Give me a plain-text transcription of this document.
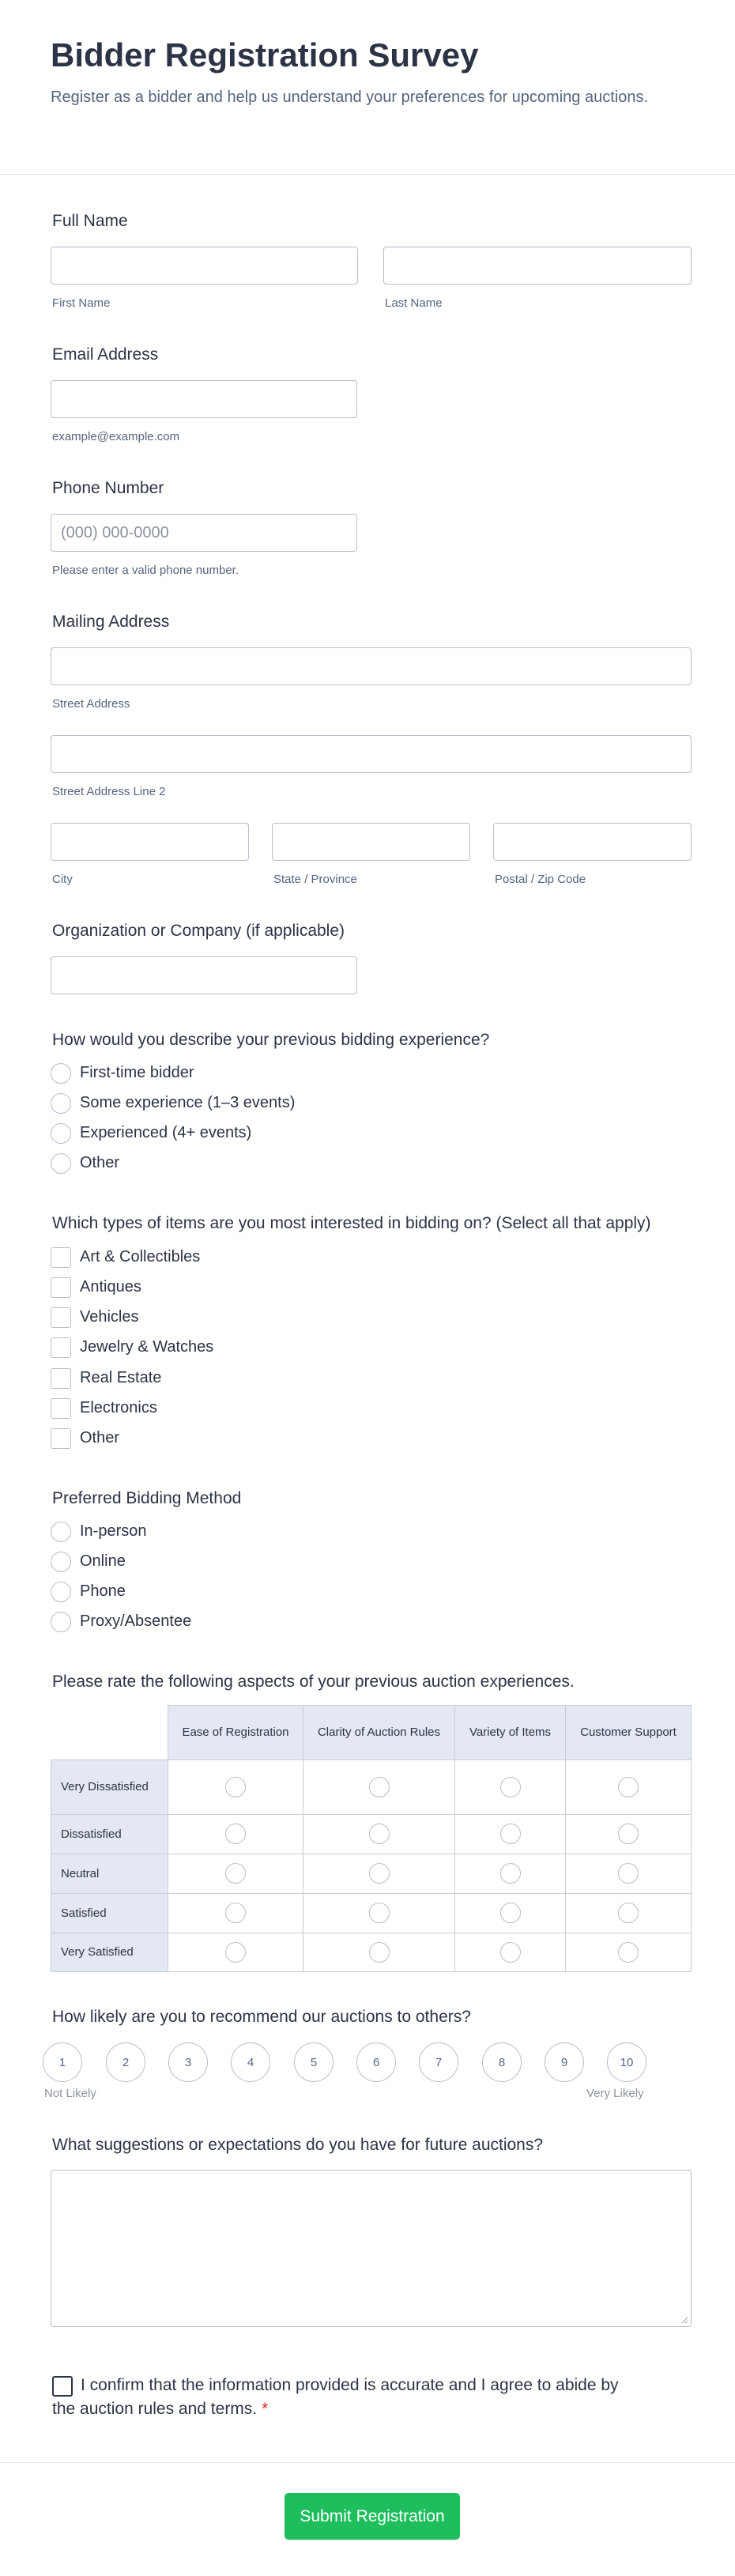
Bidder Registration Survey

Register as a bidder and help us understand your preferences for upcoming auctions.

Full Name
First Name	Last Name
Email Address
example@example.com
Phone Number
(000) 000-0000
Please enter a valid phone number.
Mailing Address
Street Address
Street Address Line 2
City	State / Province	Postal / Zip Code
Organization or Company (if applicable)
How would you describe your previous bidding experience?
First-time bidder
Some experience (1–3 events)
Experienced (4+ events)
Other
Which types of items are you most interested in bidding on? (Select all that apply)
Art & Collectibles
Antiques
Vehicles
Jewelry & Watches
Real Estate
Electronics
Other
Preferred Bidding Method
In-person
Online
Phone
Proxy/Absentee
Please rate the following aspects of your previous auction experiences.
Ease of Registration	Clarity of Auction Rules	Variety of Items	Customer Support
Very Dissatisfied
Dissatisfied
Neutral
Satisfied
Very Satisfied
How likely are you to recommend our auctions to others?
1	2	3	4	5	6	7	8	9	10
Not Likely	Very Likely
What suggestions or expectations do you have for future auctions?
I confirm that the information provided is accurate and I agree to abide by the auction rules and terms. *
Submit Registration
